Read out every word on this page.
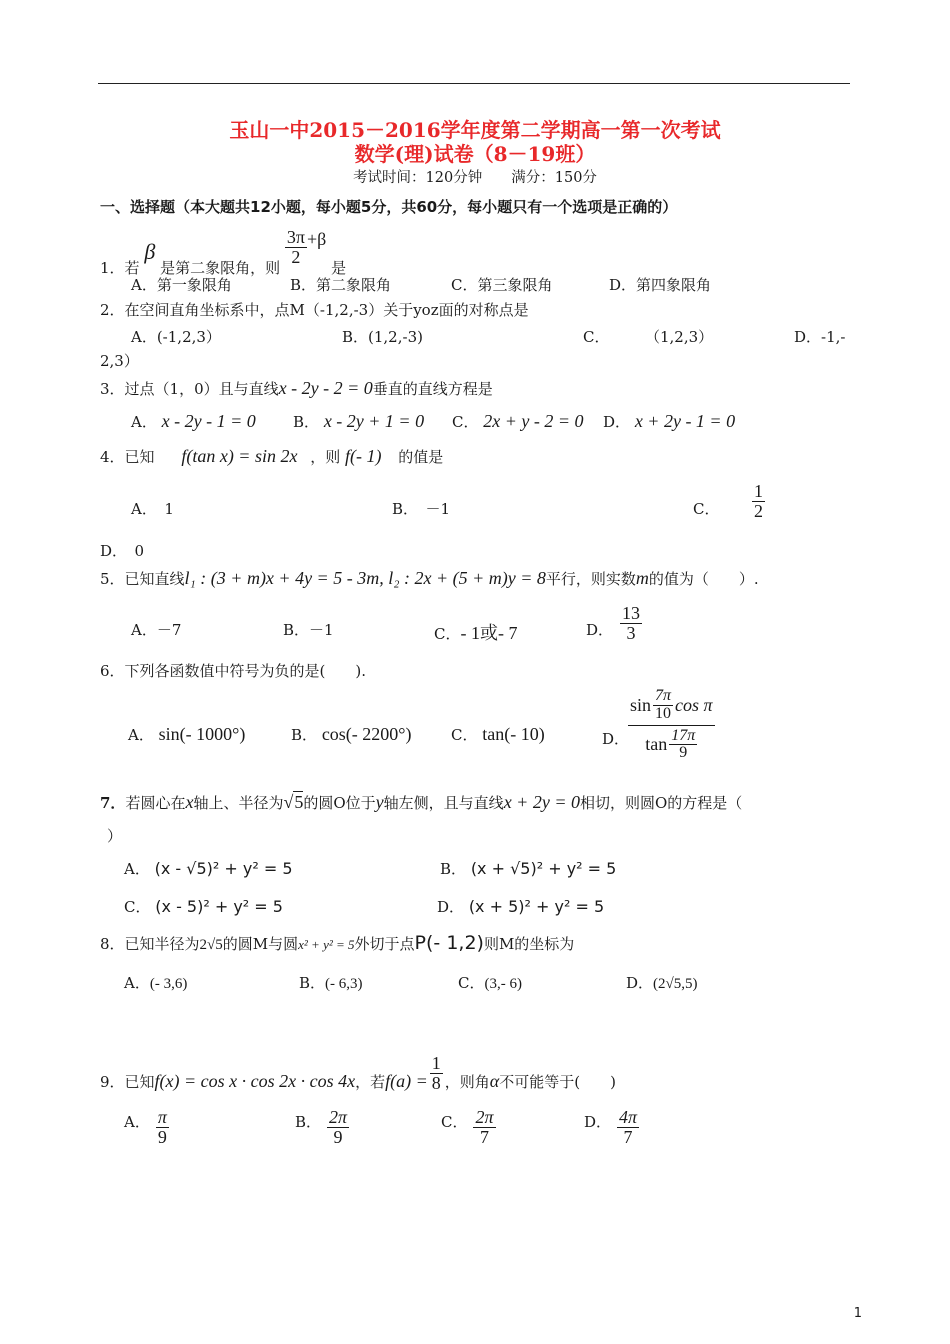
玉山一中2015－2016学年度第二学期高一第一次考试
数学(理)试卷（8－19班）
考试时间：120分钟　　满分：150分
一、选择题（本大题共12小题，每小题5分，共60分，每小题只有一个选项是正确的）
1．若 β 是第二象限角，则
$\frac{3\pi}{2} +\beta$ 是
A．第一象限角	B．第二象限角	C．第三象限角	D．第四象限角
2．在空间直角坐标系中，点M（-1,2,-3）关于yoz面的对称点是
A．(-1,2,3）	B．(1,2,-3)	C． （1,2,3）	D．-1,-
2,3）
3．过点（1，0）且与直线x - 2y - 2 = 0垂直的直线方程是
A． x - 2y - 1 = 0 B． x - 2y + 1 = 0 C． 2x + y - 2 = 0 D． x + 2y - 1 = 0
4．已知 f(tan x) = sin 2x ，则 f(- 1) 的值是
A．　1	B．　－1	C． $\frac{1}{2}$
D．　0
5．已知直线l₁ : (3 + m)x + 4y = 5 - 3m, l₂ : 2x + (5 + m)y = 8平行，则实数m的值为（　　）.
A．－7	B．－1	C．- 1或- 7	D． $\frac{13}{3}$
6．下列各函数值中符号为负的是(　　).
A． sin(- 1000°)	B． cos(- 2200°)	C． tan(- 10)	D．
$\frac{\sin \frac{7\pi}{10} \cos \pi}{\tan \frac{17\pi}{9}}$
7．若圆心在x轴上、半径为√5的圆O位于y轴左侧，且与直线x + 2y = 0相切，则圆O的方程是（
）
A． (x - √5)² + y² = 5	B． (x + √5)² + y² = 5
C． (x - 5)² + y² = 5	D． (x + 5)² + y² = 5
8．已知半径为2√5的圆M与圆x² + y² = 5外切于点P(- 1,2)则M的坐标为
A．(- 3,6)	B．(- 6,3)	C．(3,- 6)	D．(2√5,5)
9．已知f(x) = cos x · cos 2x · cos 4x，若$f(a) = \frac{1}{8}$ ，则角α不可能等于(　　)
A． $\frac{\pi}{9}$	B． $\frac{2\pi}{9}$	C． $\frac{2\pi}{7}$	D． $\frac{4\pi}{7}$
1
